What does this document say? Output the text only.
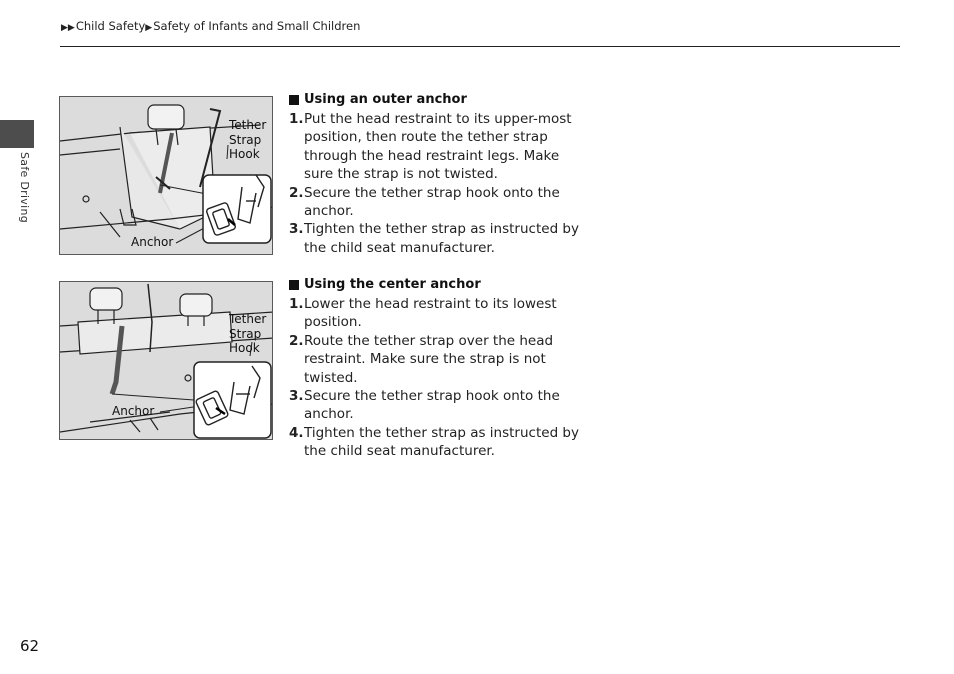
▶▶Child Safety▶Safety of Infants and Small Children
Safe Driving
Tether
Strap
Hook
Anchor
Using an outer anchor
1. Put the head restraint to its upper-most position, then route the tether strap through the head restraint legs. Make sure the strap is not twisted.
2. Secure the tether strap hook onto the anchor.
3. Tighten the tether strap as instructed by the child seat manufacturer.
Tether
Strap
Hook
Anchor
Using the center anchor
1. Lower the head restraint to its lowest position.
2. Route the tether strap over the head restraint. Make sure the strap is not twisted.
3. Secure the tether strap hook onto the anchor.
4. Tighten the tether strap as instructed by the child seat manufacturer.
62
